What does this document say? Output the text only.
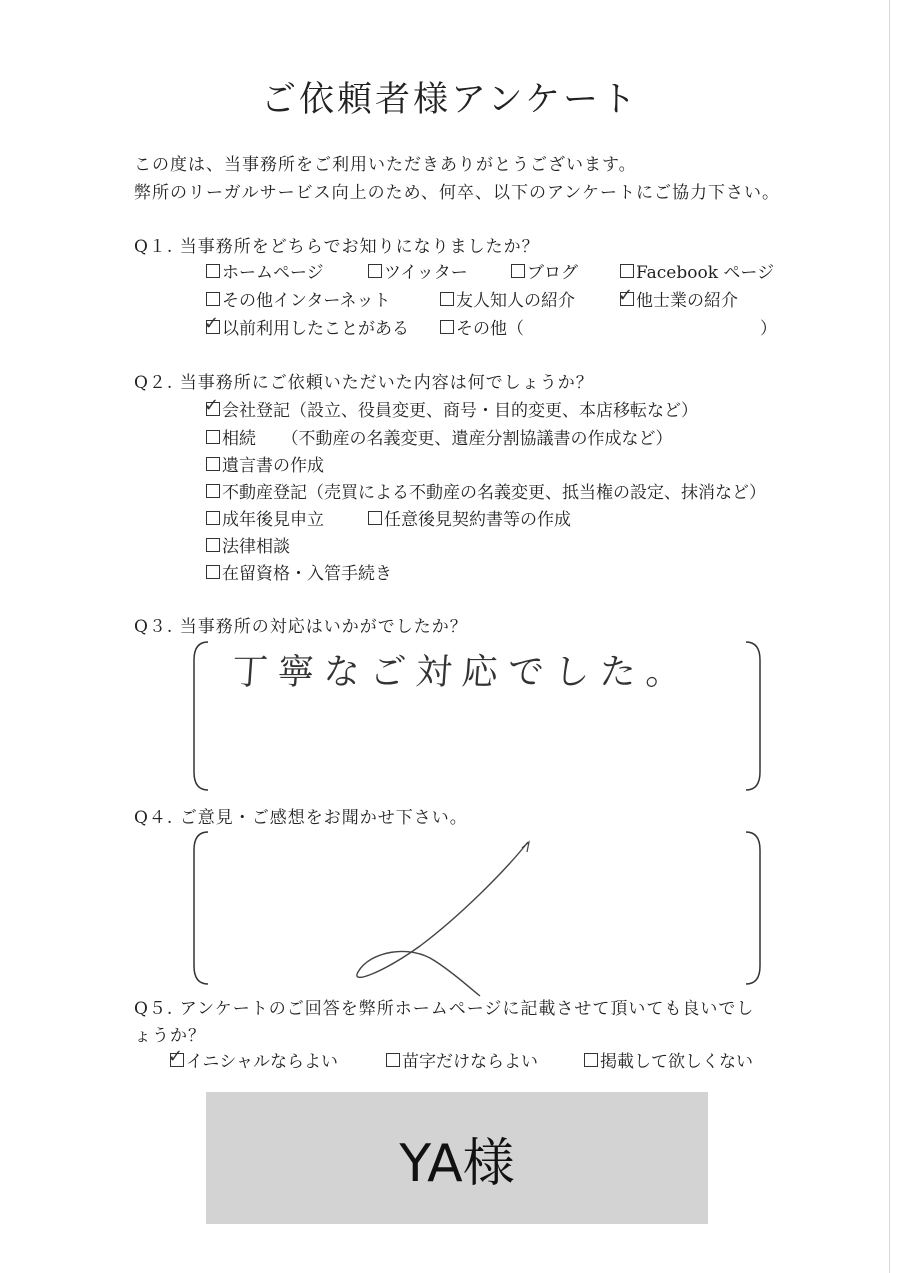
ご依頼者様アンケート
この度は、当事務所をご利用いただきありがとうございます。
弊所のリーガルサービス向上のため、何卒、以下のアンケートにご協力下さい。
Q１. 当事務所をどちらでお知りになりましたか？
ホームページ	ツイッター	ブログ	Facebook ページ
その他インターネット	友人知人の紹介 ✓ 他士業の紹介
✓ 以前利用したことがある	その他（	）
Q２. 当事務所にご依頼いただいた内容は何でしょうか？
✓ 会社登記（設立、役員変更、商号・目的変更、本店移転など）
相続　　（不動産の名義変更、遺産分割協議書の作成など）
遺言書の作成
不動産登記（売買による不動産の名義変更、抵当権の設定、抹消など）
成年後見申立	任意後見契約書等の作成
法律相談
在留資格・入管手続き
Q３. 当事務所の対応はいかがでしたか？
丁寧なご対応でした。
Q４. ご意見・ご感想をお聞かせ下さい。
Q５. アンケートのご回答を弊所ホームページに記載させて頂いても良いでし
ょうか？
✓ イニシャルならよい	苗字だけならよい	掲載して欲しくない
YA様
